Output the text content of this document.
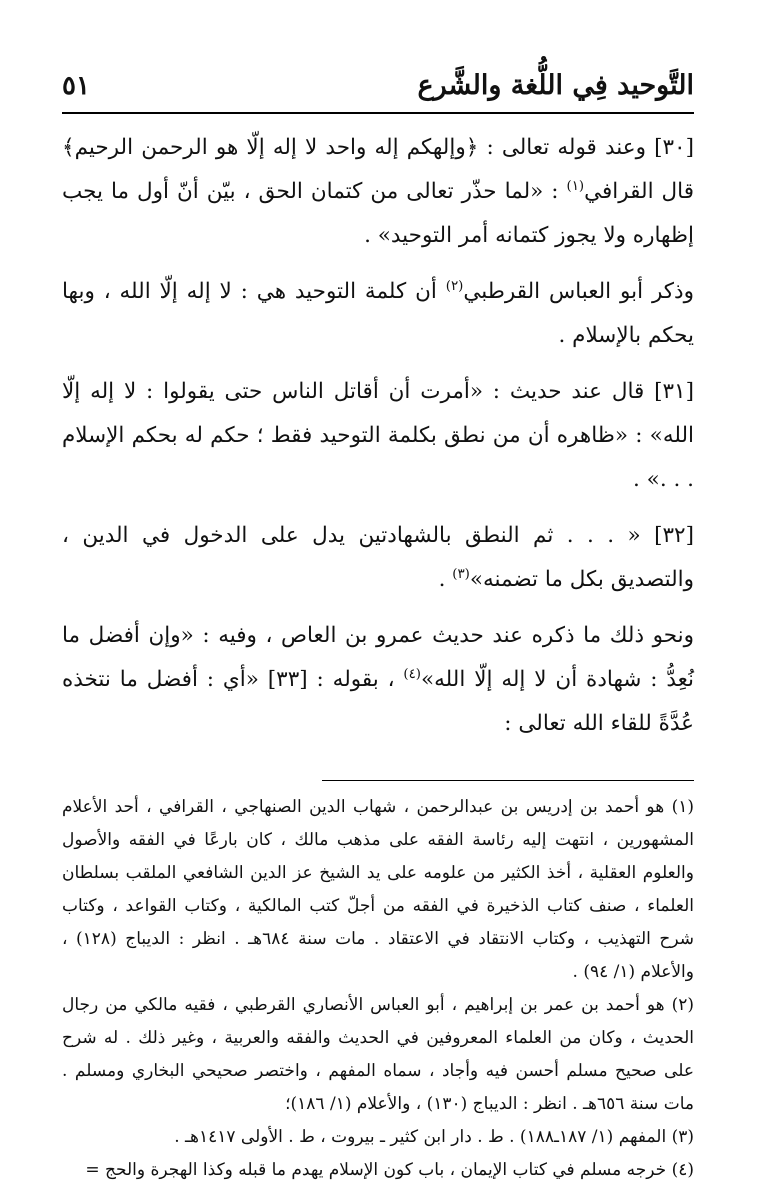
التَّوحيد فِي اللُّغة والشَّرع
٥١

[٣٠] وعند قوله تعالى : ﴿وإلهكم إله واحد لا إله إلّا هو الرحمن الرحيم﴾ قال القرافي$^{(١)}$ : «لما حذّر تعالى من كتمان الحق ، بيّن أنّ أول ما يجب إظهاره ولا يجوز كتمانه أمر التوحيد» .

وذكر أبو العباس القرطبي$^{(٢)}$ أن كلمة التوحيد هي : لا إله إلّا الله ، وبها يحكم بالإسلام .

[٣١] قال عند حديث : «أمرت أن أقاتل الناس حتى يقولوا : لا إله إلّا الله» : «ظاهره أن من نطق بكلمة التوحيد فقط ؛ حكم له بحكم الإسلام . . .» .

[٣٢] « . . . ثم النطق بالشهادتين يدل على الدخول في الدين ، والتصديق بكل ما تضمنه»$^{(٣)}$ .

ونحو ذلك ما ذكره عند حديث عمرو بن العاص ، وفيه : «وإن أفضل ما نُعِدُّ : شهادة أن لا إله إلّا الله»$^{(٤)}$ ، بقوله : [٣٣] «أي : أفضل ما نتخذه عُدَّةً للقاء الله تعالى :

(١) هو أحمد بن إدريس بن عبدالرحمن ، شهاب الدين الصنهاجي ، القرافي ، أحد الأعلام المشهورين ، انتهت إليه رئاسة الفقه على مذهب مالك ، كان بارعًا في الفقه والأصول والعلوم العقلية ، أخذ الكثير من علومه على يد الشيخ عز الدين الشافعي الملقب بسلطان العلماء ، صنف كتاب الذخيرة في الفقه من أجلّ كتب المالكية ، وكتاب القواعد ، وكتاب شرح التهذيب ، وكتاب الانتقاد في الاعتقاد . مات سنة ٦٨٤هـ . انظر : الديباج (١٢٨) ، والأعلام (١/ ٩٤) .

(٢) هو أحمد بن عمر بن إبراهيم ، أبو العباس الأنصاري القرطبي ، فقيه مالكي من رجال الحديث ، وكان من العلماء المعروفين في الحديث والفقه والعربية ، وغير ذلك . له شرح على صحيح مسلم أحسن فيه وأجاد ، سماه المفهم ، واختصر صحيحي البخاري ومسلم . مات سنة ٦٥٦هـ . انظر : الديباج (١٣٠) ، والأعلام (١/ ١٨٦)؛

(٣) المفهم (١/ ١٨٧ـ١٨٨) . ط . دار ابن كثير ـ بيروت ، ط . الأولى ١٤١٧هـ .

(٤) خرجه مسلم في كتاب الإيمان ، باب كون الإسلام يهدم ما قبله وكذا الهجرة والحج =
